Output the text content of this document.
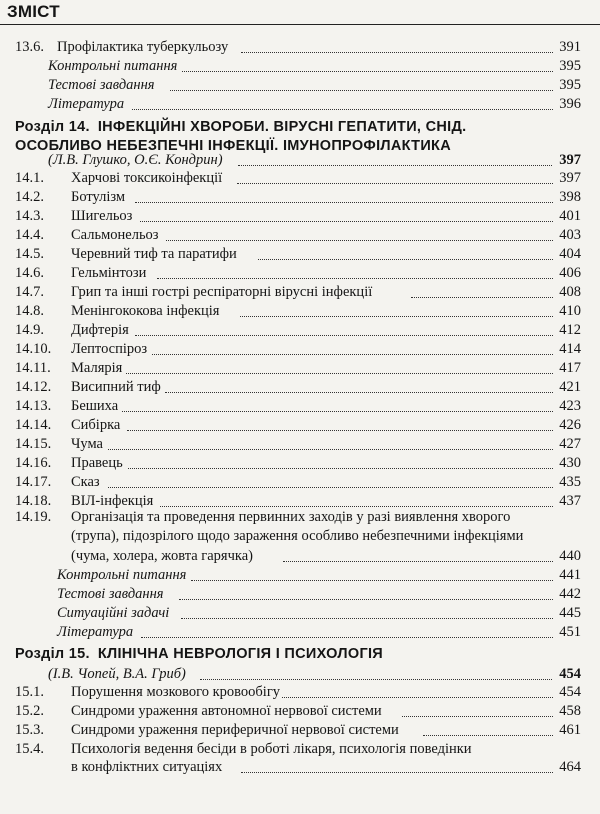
ЗМІСТ
13.6. Профілактика туберкульозу	391
Контрольні питання	395
Тестові завдання	395
Література	396
Розділ 14. ІНФЕКЦІЙНІ ХВОРОБИ. ВІРУСНІ ГЕПАТИТИ, СНІД.
ОСОБЛИВО НЕБЕЗПЕЧНІ ІНФЕКЦІЇ. ІМУНОПРОФІЛАКТИКА
(Л.В. Глушко, О.Є. Кондрин)	397
14.1. Харчові токсикоінфекції	397
14.2. Ботулізм	398
14.3. Шигельоз	401
14.4. Сальмонельоз	403
14.5. Черевний тиф та паратифи	404
14.6. Гельмінтози	406
14.7. Грип та інші гострі респіраторні вірусні інфекції	408
14.8. Менінгококова інфекція	410
14.9. Дифтерія	412
14.10. Лептоспіроз	414
14.11. Малярія	417
14.12. Висипний тиф	421
14.13. Бешиха	423
14.14. Сибірка	426
14.15. Чума	427
14.16. Правець	430
14.17. Сказ	435
14.18. ВІЛ-інфекція	437
14.19. Організація та проведення первинних заходів у разі виявлення хворого
(трупа), підозрілого щодо зараження особливо небезпечними інфекціями
(чума, холера, жовта гарячка)	440
Контрольні питання	441
Тестові завдання	442
Ситуаційні задачі	445
Література	451
Розділ 15. КЛІНІЧНА НЕВРОЛОГІЯ І ПСИХОЛОГІЯ
(І.В. Чопей, В.А. Гриб)	454
15.1. Порушення мозкового кровообігу	454
15.2. Синдроми ураження автономної нервової системи	458
15.3. Синдроми ураження периферичної нервової системи	461
15.4. Психологія ведення бесіди в роботі лікаря, психологія поведінки
в конфліктних ситуаціях	464
